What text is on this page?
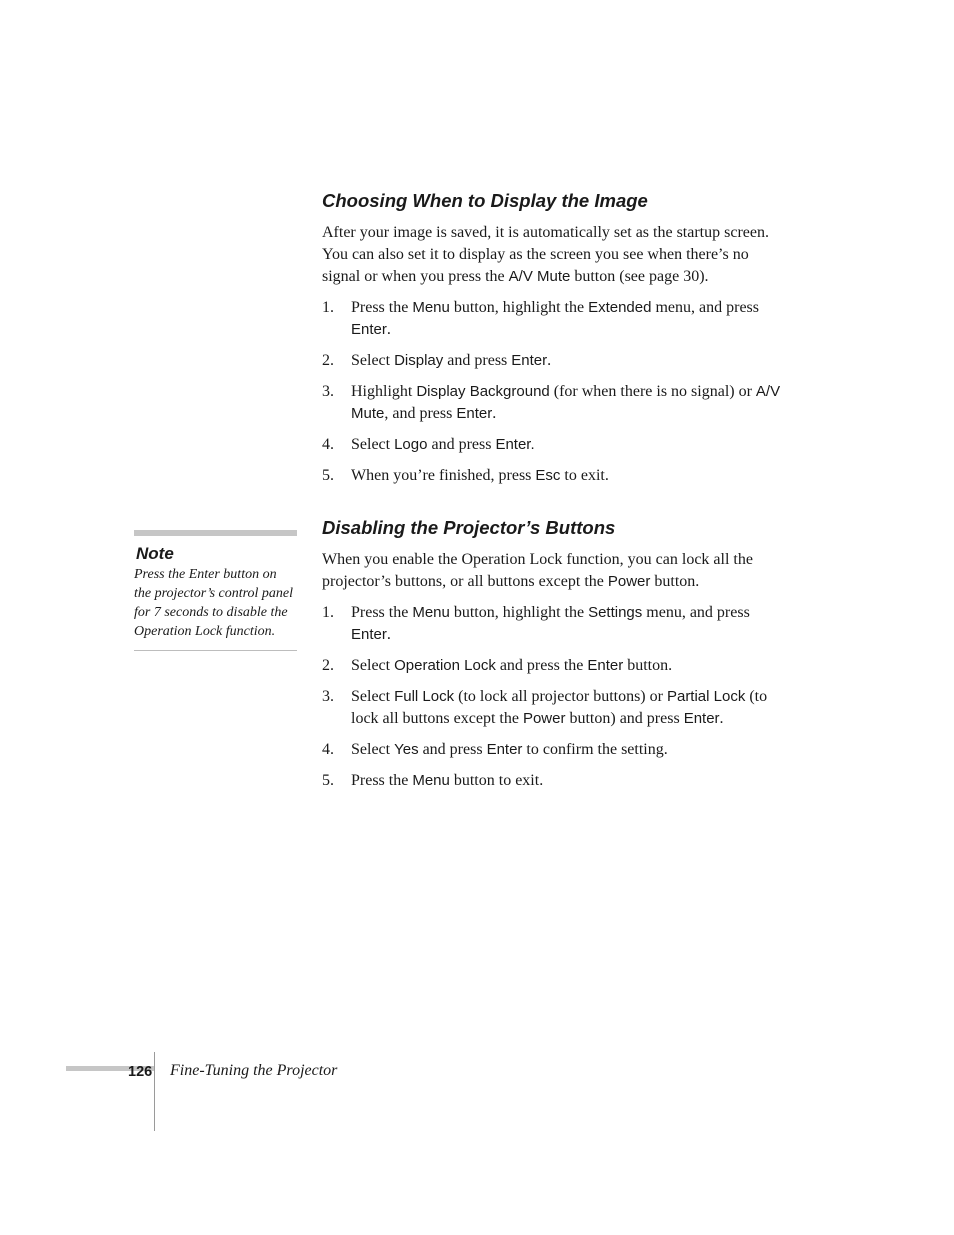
Choosing When to Display the Image

After your image is saved, it is automatically set as the startup screen. You can also set it to display as the screen you see when there’s no signal or when you press the A/V Mute button (see page 30).

1. Press the Menu button, highlight the Extended menu, and press Enter.
2. Select Display and press Enter.
3. Highlight Display Background (for when there is no signal) or A/V Mute, and press Enter.
4. Select Logo and press Enter.
5. When you’re finished, press Esc to exit.
Disabling the Projector’s Buttons

When you enable the Operation Lock function, you can lock all the projector’s buttons, or all buttons except the Power button.

1. Press the Menu button, highlight the Settings menu, and press Enter.
2. Select Operation Lock and press the Enter button.
3. Select Full Lock (to lock all projector buttons) or Partial Lock (to lock all buttons except the Power button) and press Enter.
4. Select Yes and press Enter to confirm the setting.
5. Press the Menu button to exit.
Note
Press the Enter button on the projector’s control panel for 7 seconds to disable the Operation Lock function.
126 Fine-Tuning the Projector
